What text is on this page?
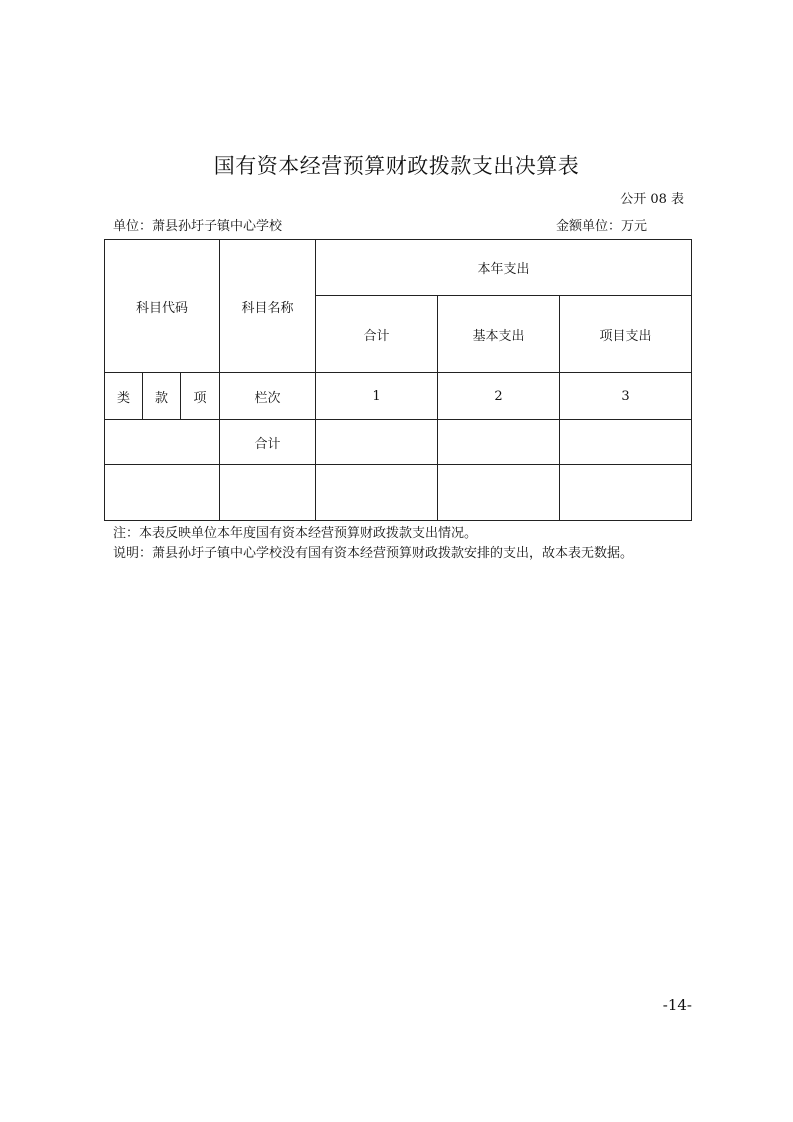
国有资本经营预算财政拨款支出决算表
公开 08 表
单位：萧县孙圩子镇中心学校	金额单位：万元
科目代码			科目名称	本年支出		
				合计	基本支出	项目支出
类	款	项	栏次	1	2	3
			合计			

注：本表反映单位本年度国有资本经营预算财政拨款支出情况。
说明：萧县孙圩子镇中心学校没有国有资本经营预算财政拨款安排的支出，故本表无数据。
-14-
